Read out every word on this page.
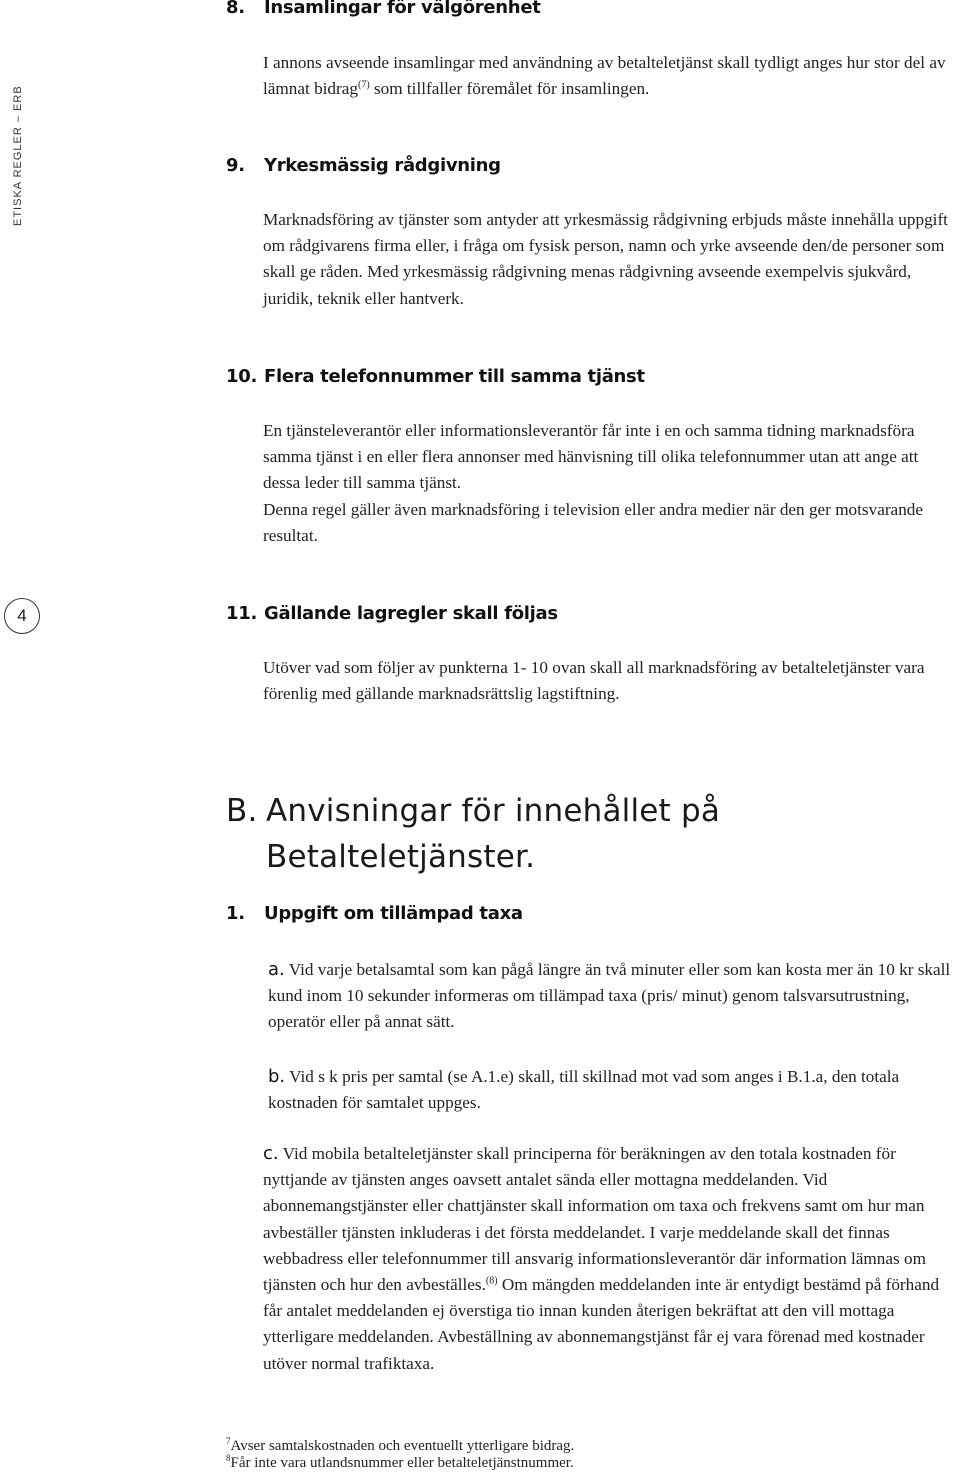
ETISKA REGLER – ERB
4
8. Insamlingar för välgörenhet

I annons avseende insamlingar med användning av betalteletjänst skall tydligt anges hur stor del av lämnat bidrag$^{(7)}$ som tillfaller föremålet för insamlingen.

9. Yrkesmässig rådgivning

Marknadsföring av tjänster som antyder att yrkesmässig rådgivning erbjuds måste innehålla uppgift om rådgivarens firma eller, i fråga om fysisk person, namn och yrke avseende den/de personer som skall ge råden. Med yrkesmässig rådgivning menas rådgivning avseende exempelvis sjukvård, juridik, teknik eller hantverk.

10. Flera telefonnummer till samma tjänst

En tjänsteleverantör eller informationsleverantör får inte i en och samma tidning marknadsföra samma tjänst i en eller flera annonser med hänvisning till olika telefonnummer utan att ange att dessa leder till samma tjänst.

Denna regel gäller även marknadsföring i television eller andra medier när den ger motsvarande resultat.

11. Gällande lagregler skall följas

Utöver vad som följer av punkterna 1- 10 ovan skall all marknadsföring av betalteletjänster vara förenlig med gällande marknadsrättslig lagstiftning.

B. Anvisningar för innehållet på
Betalteletjänster.
1. Uppgift om tillämpad taxa

a. Vid varje betalsamtal som kan pågå längre än två minuter eller som kan kosta mer än 10 kr skall kund inom 10 sekunder informeras om tillämpad taxa (pris/ minut) genom talsvarsutrustning, operatör eller på annat sätt.

b. Vid s k pris per samtal (se A.1.e) skall, till skillnad mot vad som anges i B.1.a, den totala kostnaden för samtalet uppges.

c. Vid mobila betalteletjänster skall principerna för beräkningen av den totala kostnaden för nyttjande av tjänsten anges oavsett antalet sända eller mottagna meddelanden. Vid abonnemangstjänster eller chattjänster skall information om taxa och frekvens samt om hur man avbeställer tjänsten inkluderas i det första meddelandet. I varje meddelande skall det finnas webbadress eller telefonnummer till ansvarig informationsleverantör där information lämnas om tjänsten och hur den avbeställes.$^{(8)}$ Om mängden meddelanden inte är entydigt bestämd på förhand får antalet meddelanden ej överstiga tio innan kunden återigen bekräftat att den vill mottaga ytterligare meddelanden. Avbeställning av abonnemangstjänst får ej vara förenad med kostnader utöver normal trafiktaxa.

$^7$Avser samtalskostnaden och eventuellt ytterligare bidrag.
$^8$Får inte vara utlandsnummer eller betalteletjänstnummer.
